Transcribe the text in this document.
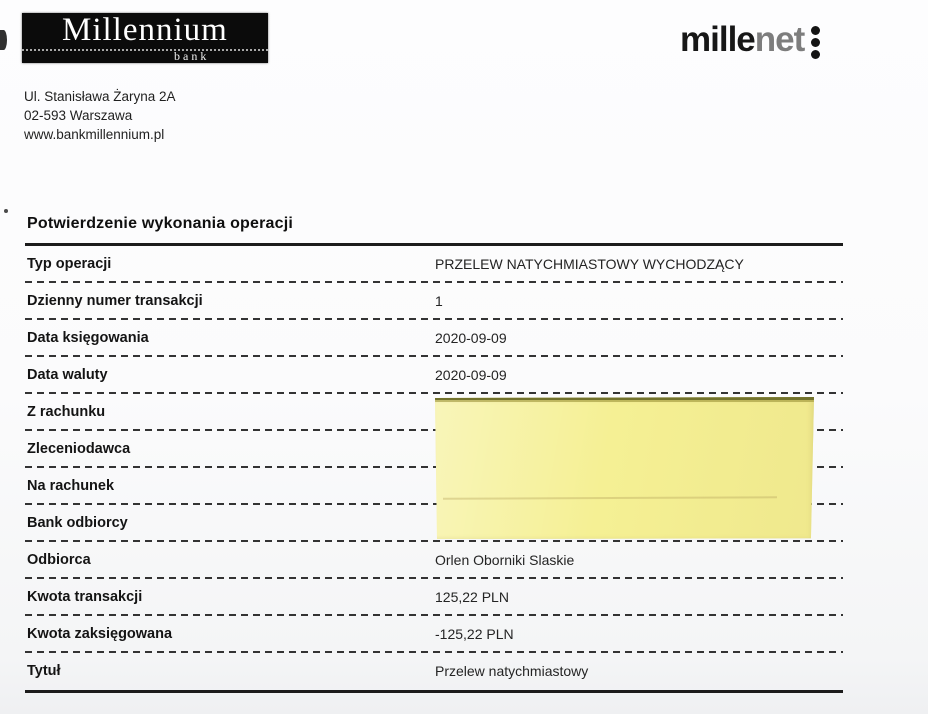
Millennium
bank	mille net
Ul. Stanisława Żaryna 2A
02-593 Warszawa
www.bankmillennium.pl
Potwierdzenie wykonania operacji
Typ operacji	PRZELEW NATYCHMIASTOWY WYCHODZĄCY
Dzienny numer transakcji	1
Data księgowania	2020-09-09
Data waluty	2020-09-09
Z rachunku
Zleceniodawca
Na rachunek
Bank odbiorcy
Odbiorca	Orlen Oborniki Slaskie
Kwota transakcji	125,22 PLN
Kwota zaksięgowana	-125,22 PLN
Tytuł	Przelew natychmiastowy
